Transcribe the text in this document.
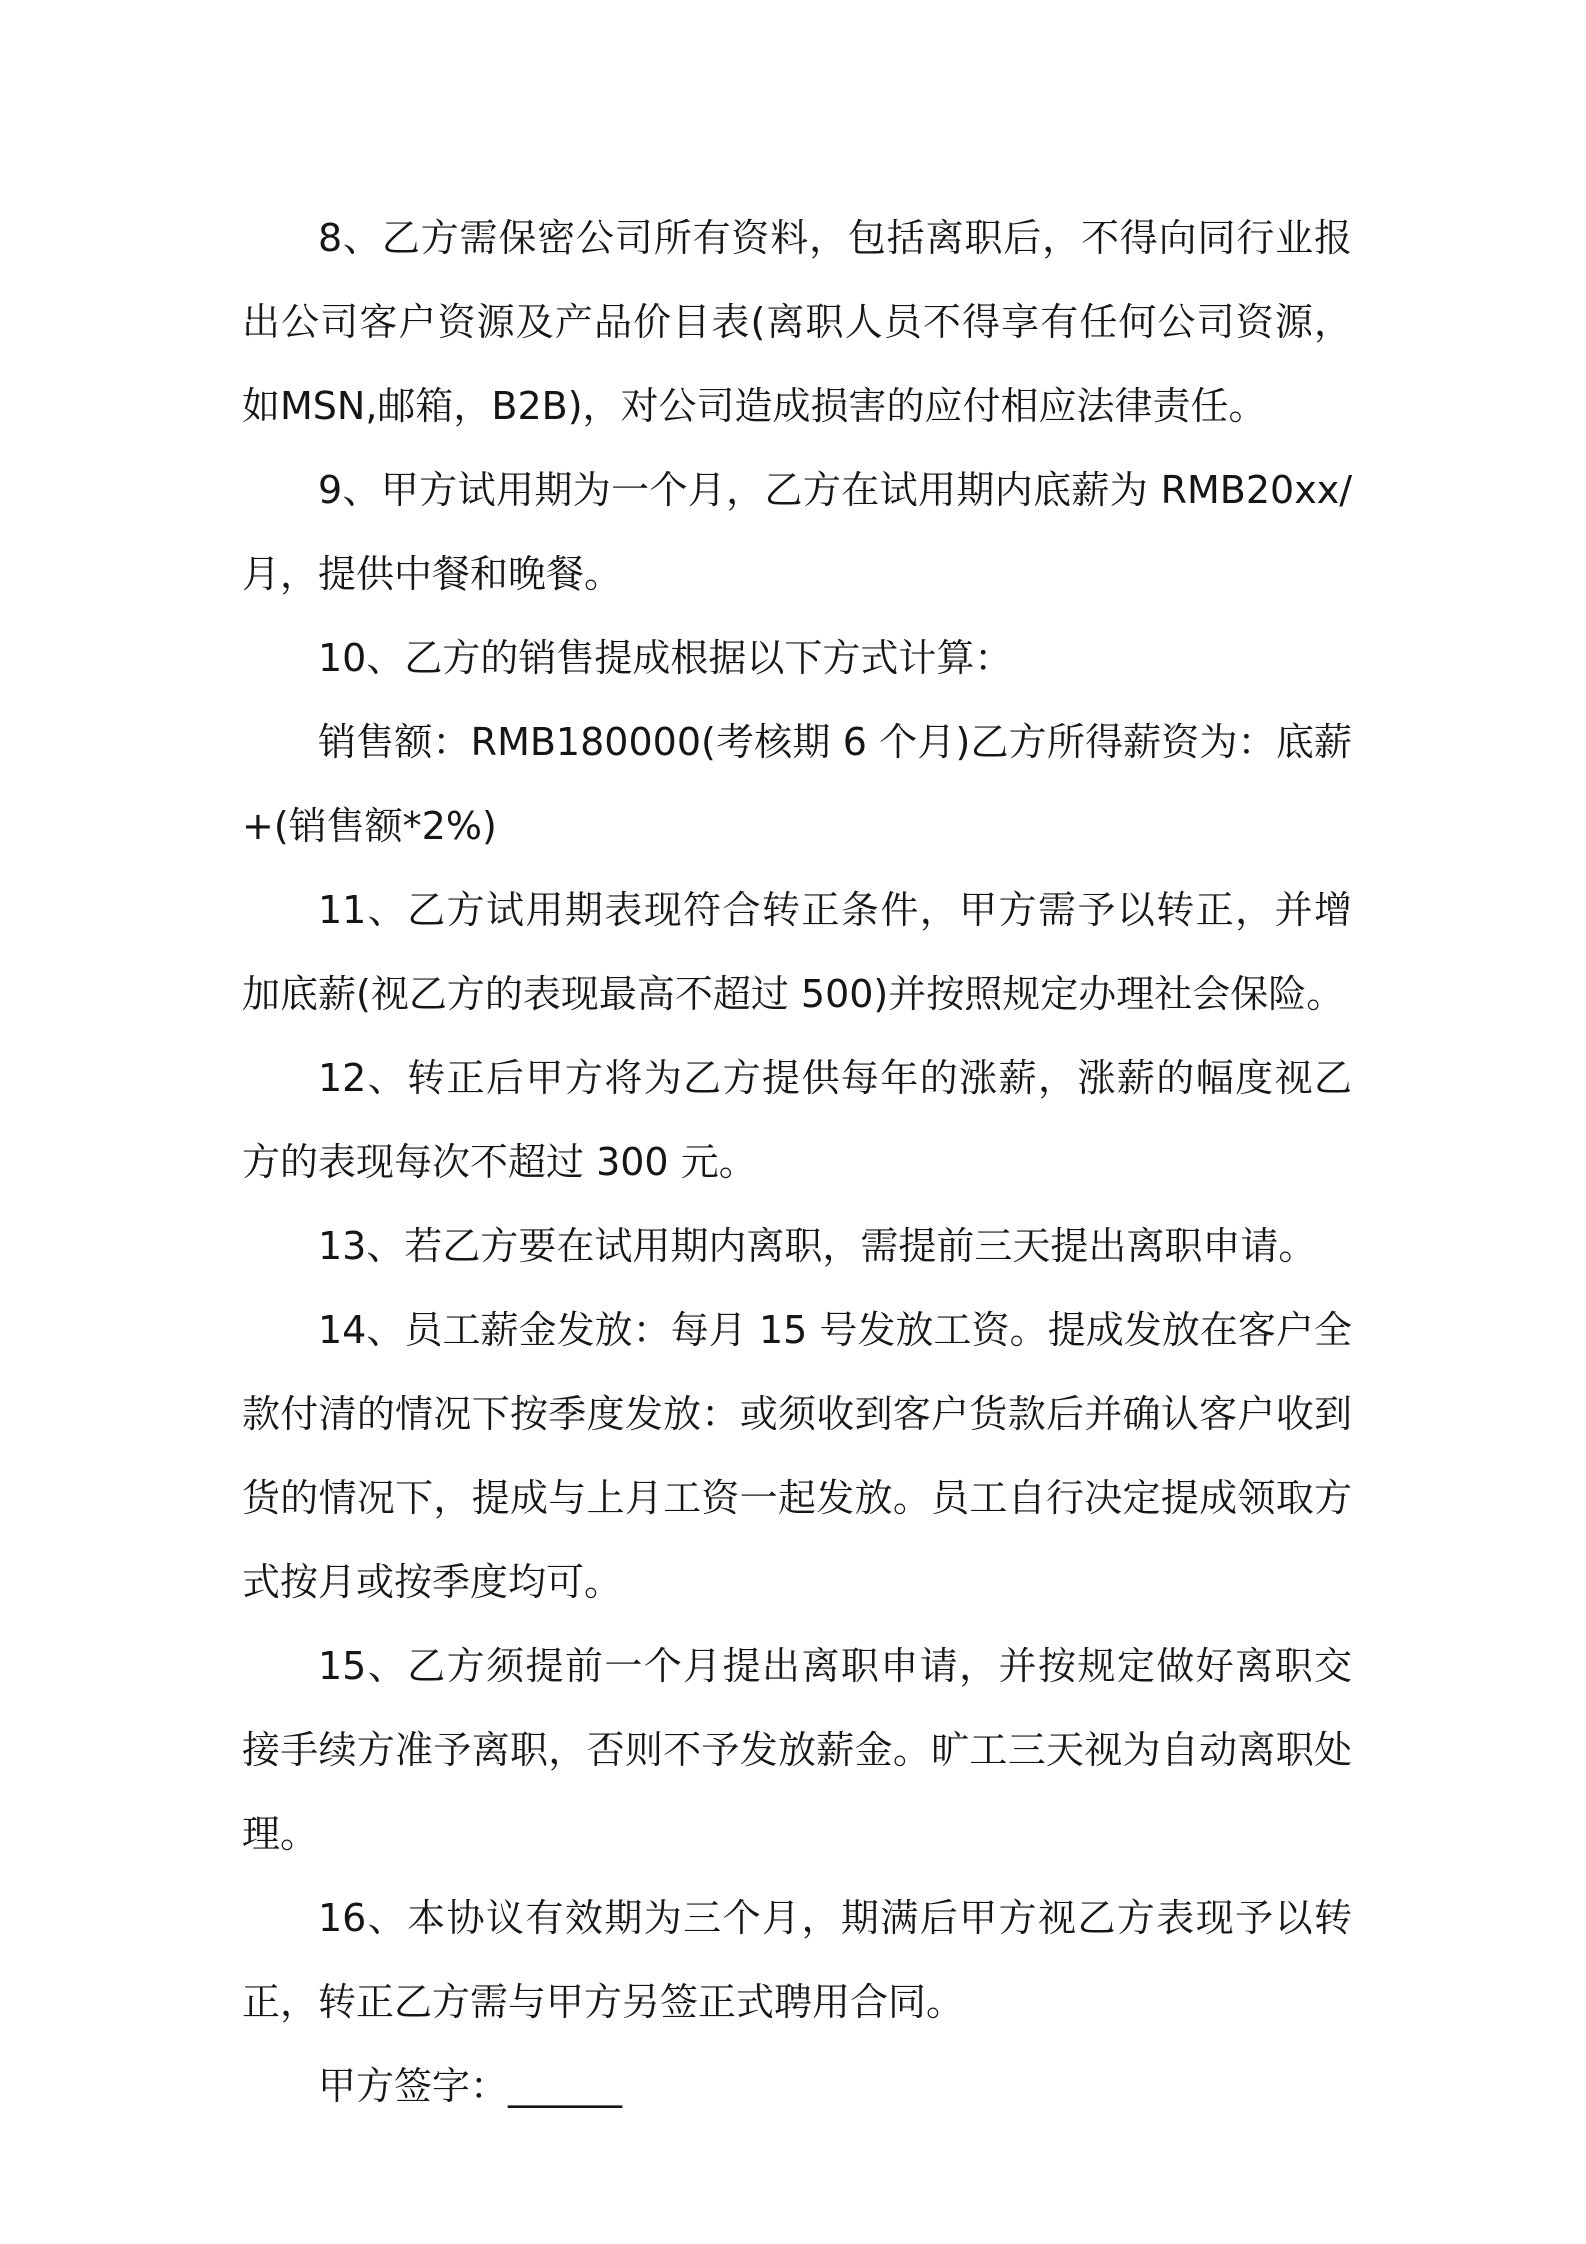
8、乙方需保密公司所有资料，包括离职后，不得向同行业报出公司客户资源及产品价目表(离职人员不得享有任何公司资源，如MSN,邮箱，B2B)，对公司造成损害的应付相应法律责任。

9、甲方试用期为一个月，乙方在试用期内底薪为 RMB20xx/月，提供中餐和晚餐。

10、乙方的销售提成根据以下方式计算：

销售额：RMB180000(考核期 6 个月)乙方所得薪资为：底薪+(销售额*2%)

11、乙方试用期表现符合转正条件，甲方需予以转正，并增加底薪(视乙方的表现最高不超过 500)并按照规定办理社会保险。

12、转正后甲方将为乙方提供每年的涨薪，涨薪的幅度视乙方的表现每次不超过 300 元。

13、若乙方要在试用期内离职，需提前三天提出离职申请。

14、员工薪金发放：每月 15 号发放工资。提成发放在客户全款付清的情况下按季度发放：或须收到客户货款后并确认客户收到货的情况下，提成与上月工资一起发放。员工自行决定提成领取方式按月或按季度均可。

15、乙方须提前一个月提出离职申请，并按规定做好离职交接手续方准予离职，否则不予发放薪金。旷工三天视为自动离职处理。

16、本协议有效期为三个月，期满后甲方视乙方表现予以转正，转正乙方需与甲方另签正式聘用合同。

甲方签字：______
